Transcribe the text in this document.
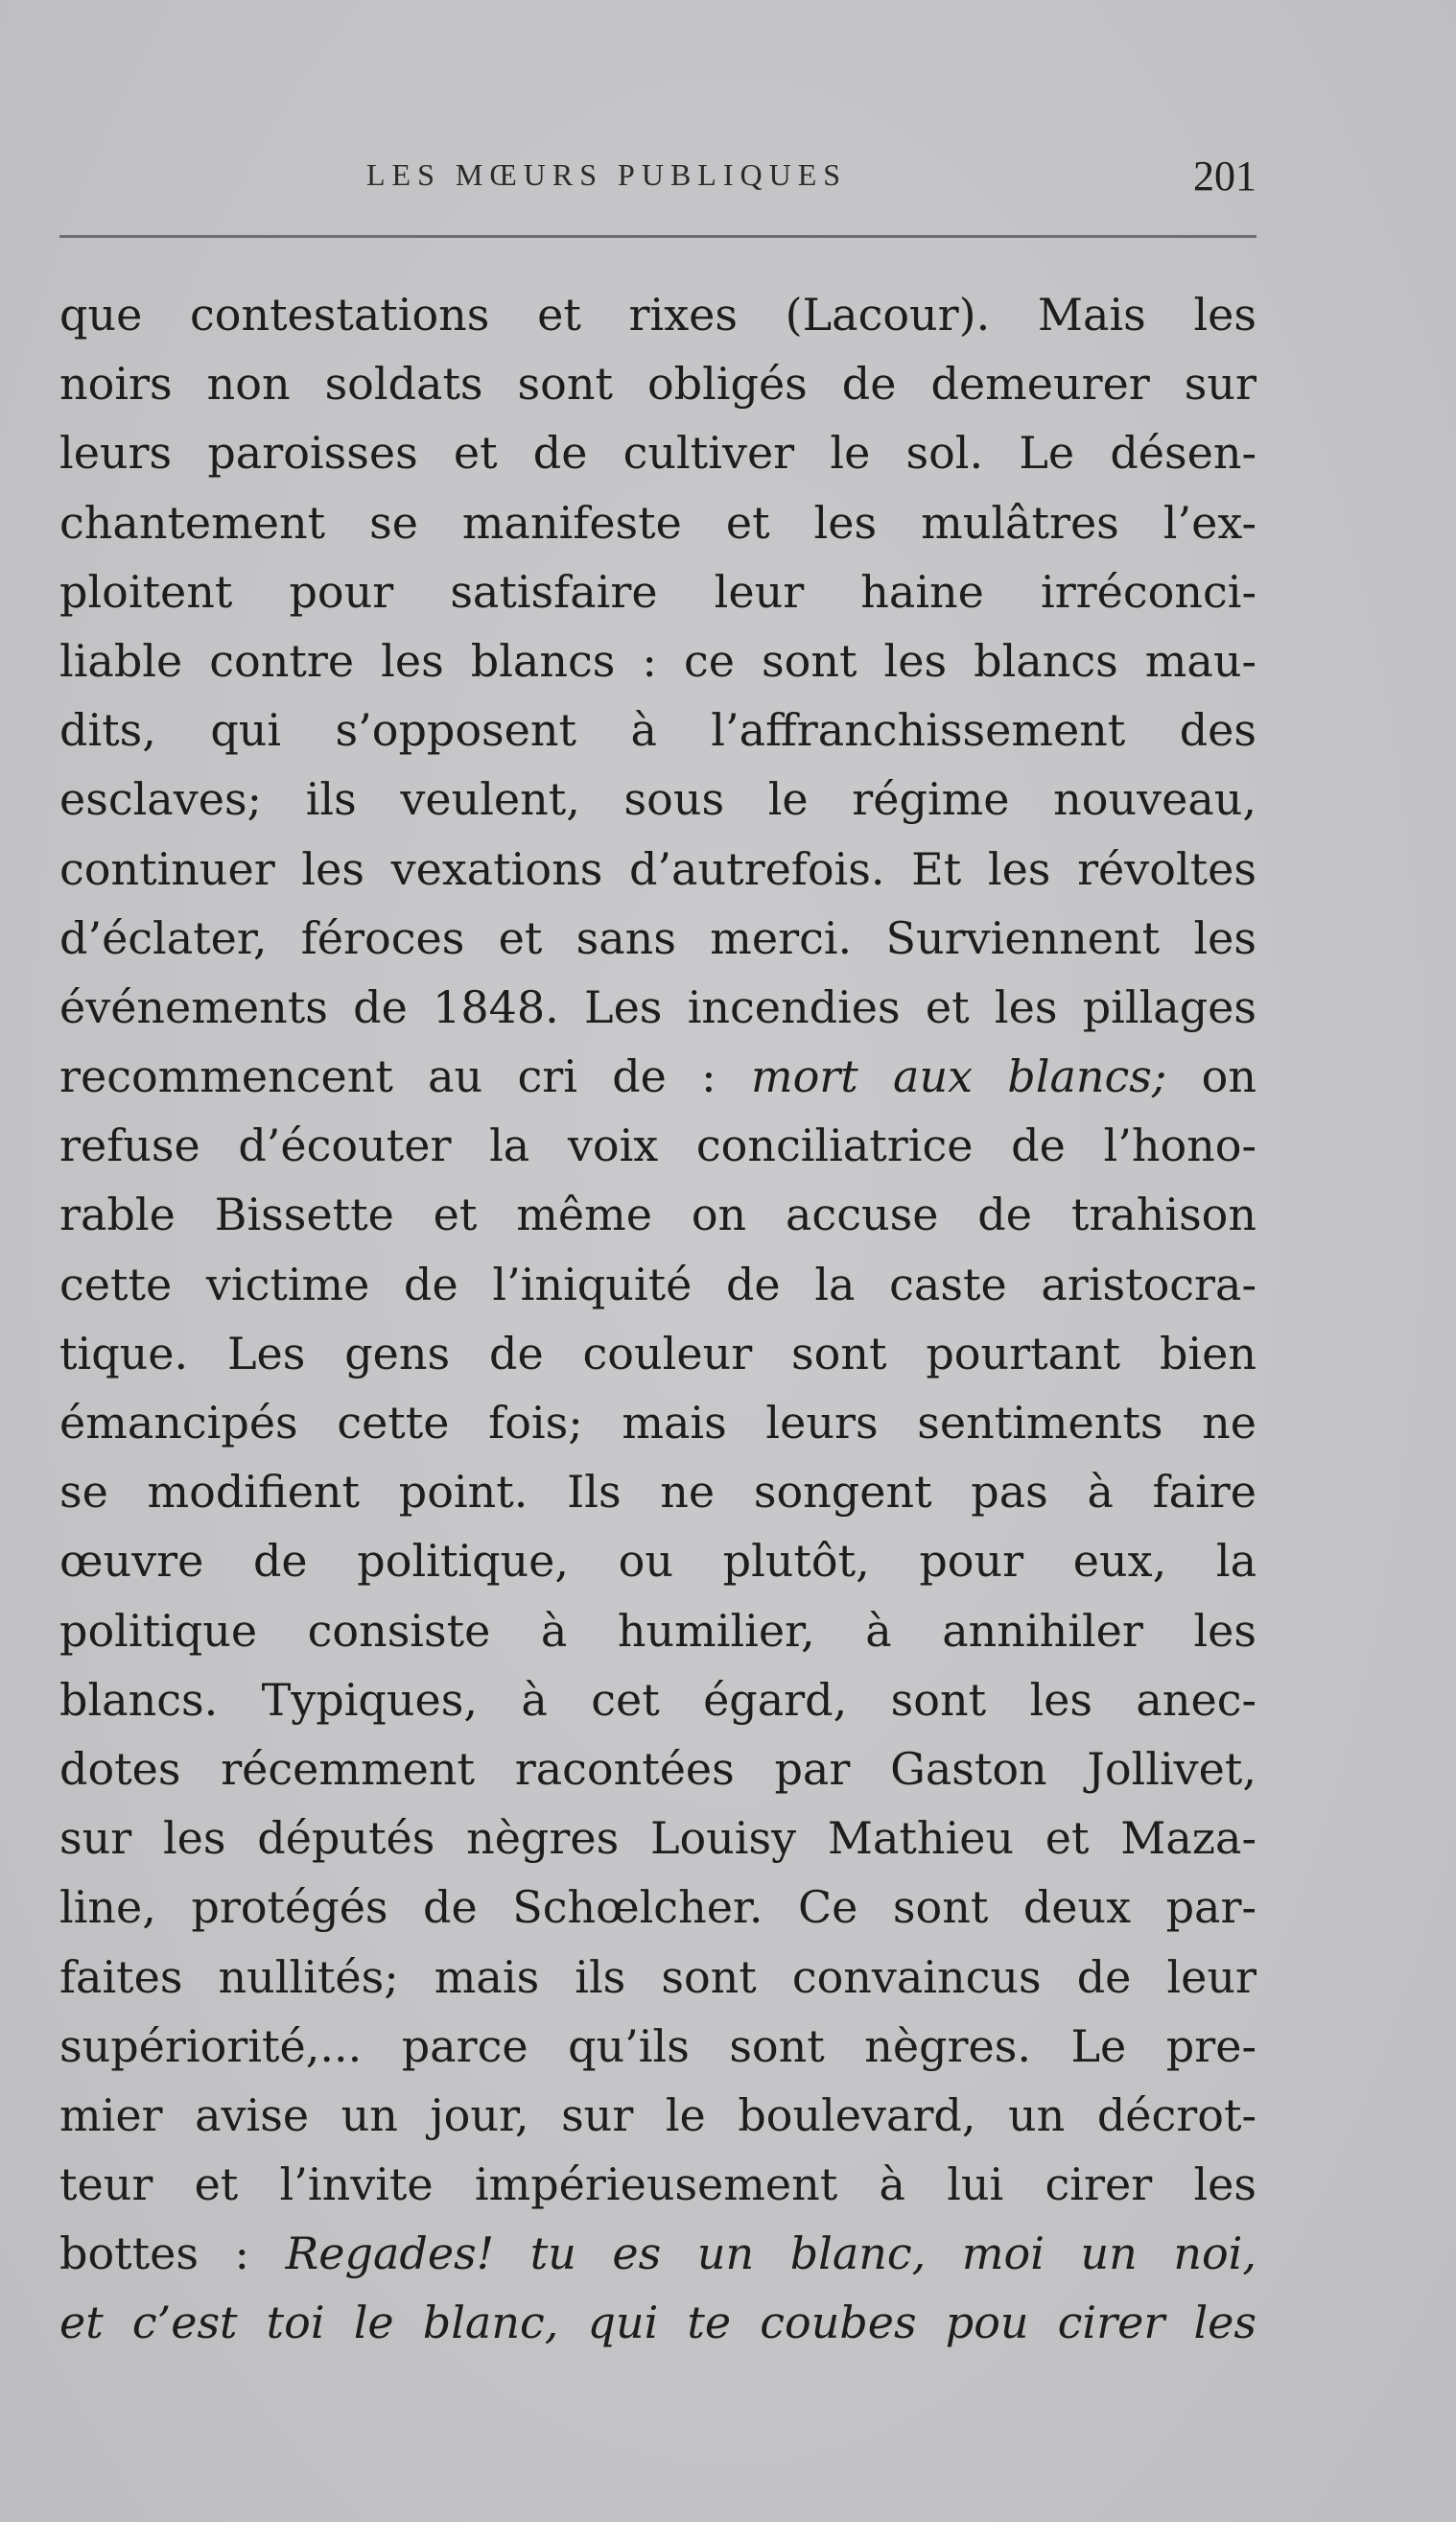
LES MŒURS PUBLIQUES	201
que contestations et rixes (Lacour). Mais les
noirs non soldats sont obligés de demeurer sur
leurs paroisses et de cultiver le sol. Le désen-
chantement se manifeste et les mulâtres l’ex-
ploitent pour satisfaire leur haine irréconci-
liable contre les blancs : ce sont les blancs mau-
dits, qui s’opposent à l’affranchissement des
esclaves; ils veulent, sous le régime nouveau,
continuer les vexations d’autrefois. Et les révoltes
d’éclater, féroces et sans merci. Surviennent les
événements de 1848. Les incendies et les pillages
recommencent au cri de : mort aux blancs; on
refuse d’écouter la voix conciliatrice de l’hono-
rable Bissette et même on accuse de trahison
cette victime de l’iniquité de la caste aristocra-
tique. Les gens de couleur sont pourtant bien
émancipés cette fois; mais leurs sentiments ne
se modifient point. Ils ne songent pas à faire
œuvre de politique, ou plutôt, pour eux, la
politique consiste à humilier, à annihiler les
blancs. Typiques, à cet égard, sont les anec-
dotes récemment racontées par Gaston Jollivet,
sur les députés nègres Louisy Mathieu et Maza-
line, protégés de Schœlcher. Ce sont deux par-
faites nullités; mais ils sont convaincus de leur
supériorité,... parce qu’ils sont nègres. Le pre-
mier avise un jour, sur le boulevard, un décrot-
teur et l’invite impérieusement à lui cirer les
bottes : Regades! tu es un blanc, moi un noi,
et c’est toi le blanc, qui te coubes pou cirer les
